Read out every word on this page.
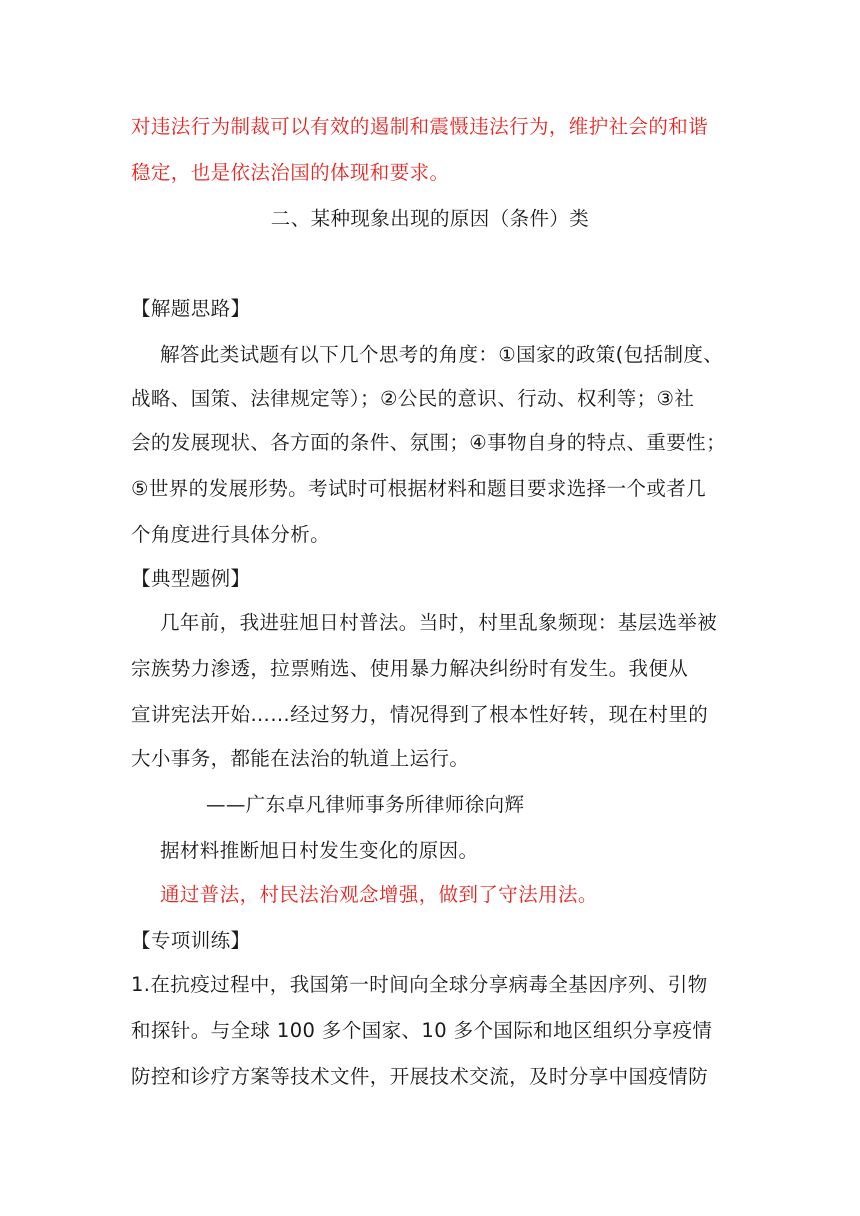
对违法行为制裁可以有效的遏制和震慑违法行为，维护社会的和谐
稳定，也是依法治国的体现和要求。
二、某种现象出现的原因（条件）类
【解题思路】
解答此类试题有以下几个思考的角度：①国家的政策(包括制度、
战略、国策、法律规定等）；②公民的意识、行动、权利等；③社
会的发展现状、各方面的条件、氛围；④事物自身的特点、重要性；
⑤世界的发展形势。考试时可根据材料和题目要求选择一个或者几
个角度进行具体分析。
【典型题例】
几年前，我进驻旭日村普法。当时，村里乱象频现：基层选举被
宗族势力渗透，拉票贿选、使用暴力解决纠纷时有发生。我便从
宣讲宪法开始……经过努力，情况得到了根本性好转，现在村里的
大小事务，都能在法治的轨道上运行。
——广东卓凡律师事务所律师徐向辉
据材料推断旭日村发生变化的原因。
通过普法，村民法治观念增强，做到了守法用法。
【专项训练】
1.在抗疫过程中，我国第一时间向全球分享病毒全基因序列、引物
和探针。与全球 100 多个国家、10 多个国际和地区组织分享疫情
防控和诊疗方案等技术文件，开展技术交流，及时分享中国疫情防
